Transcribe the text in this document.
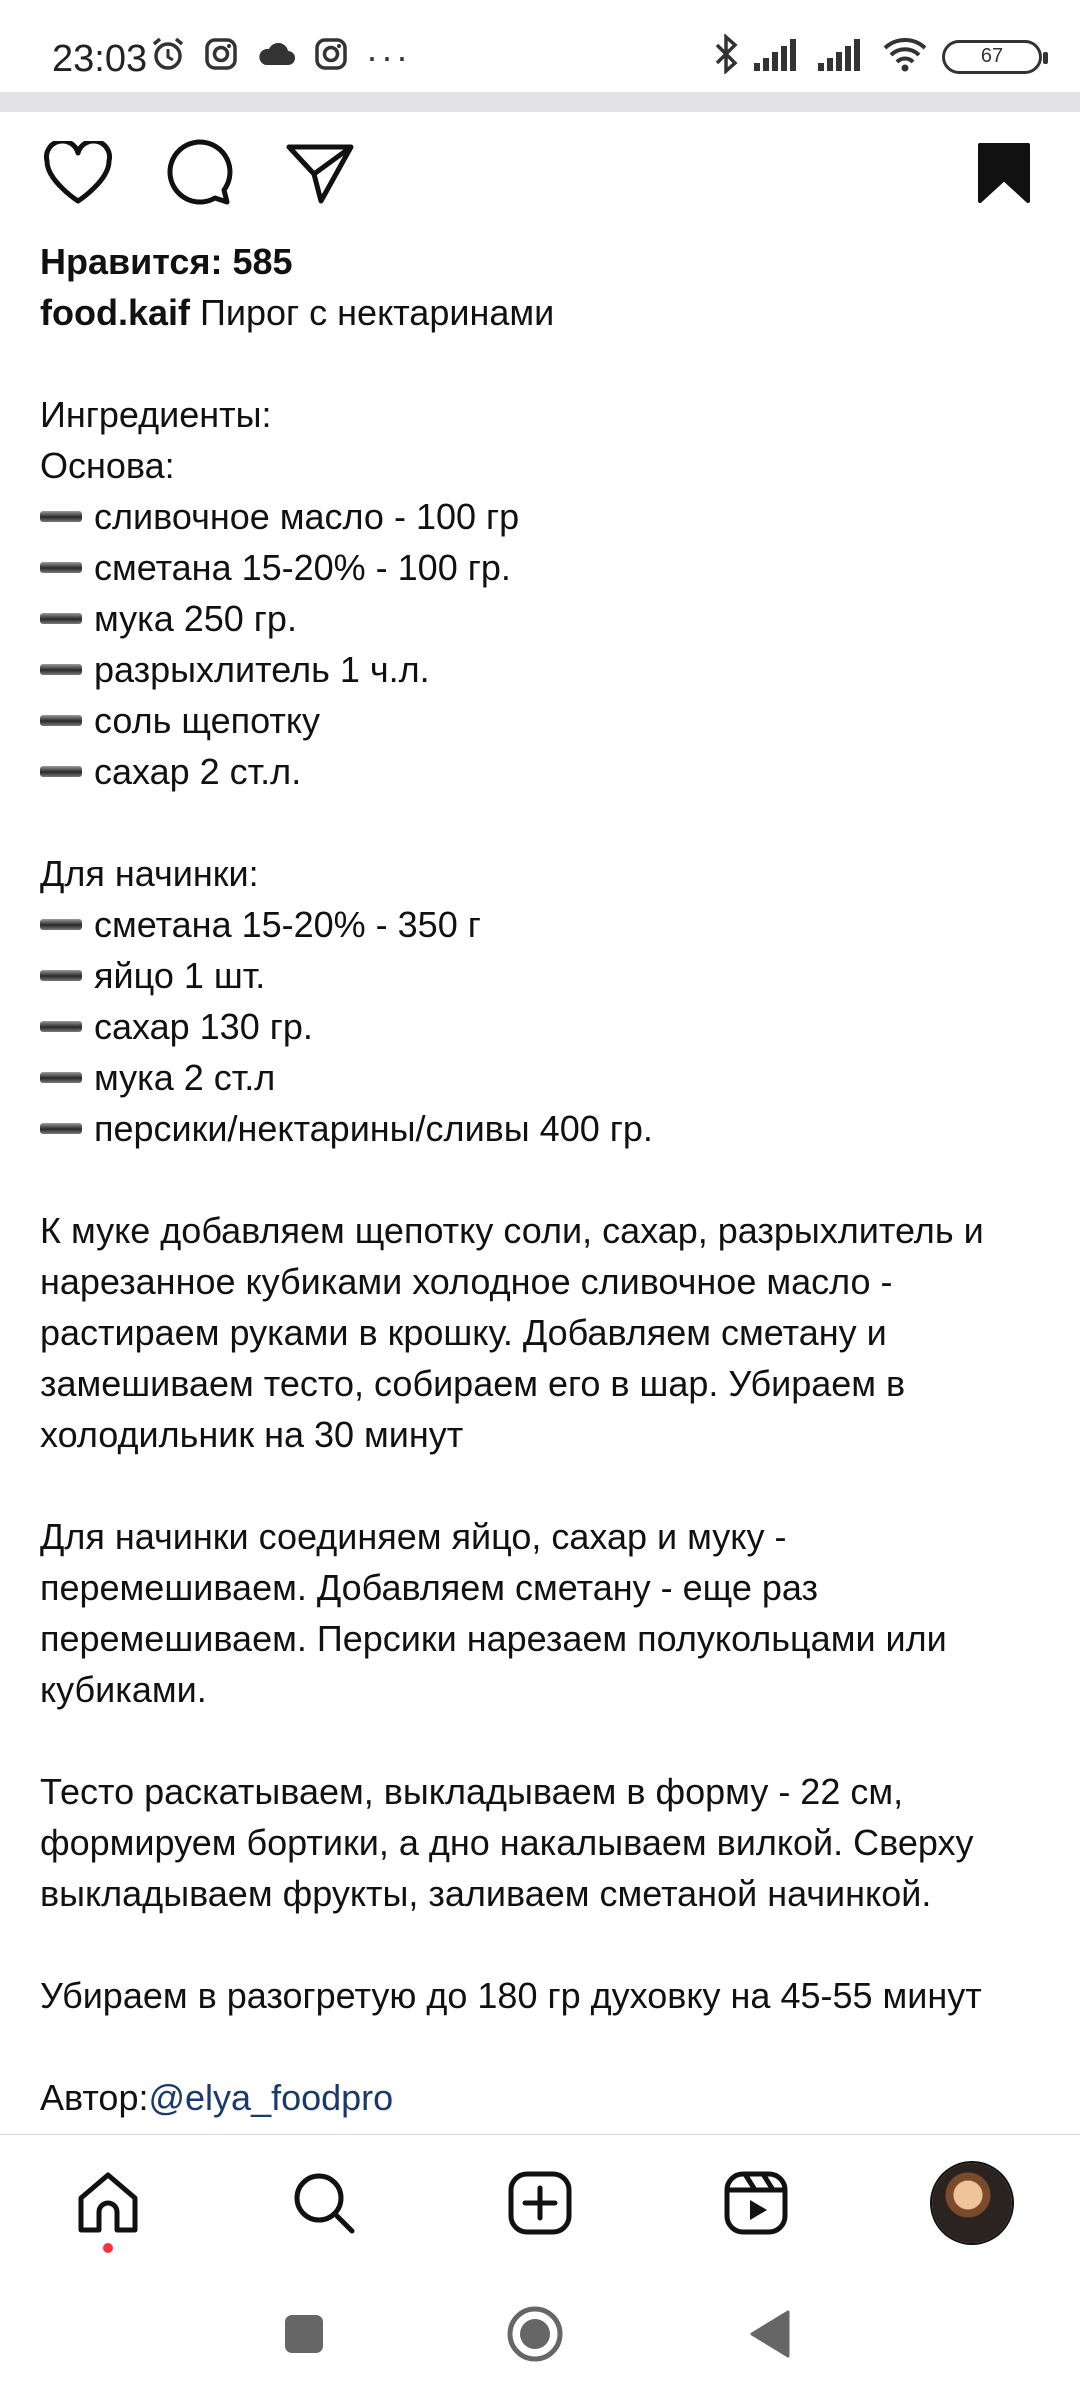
23:03	···	67
Нравится: 585
food.kaif Пирог с нектаринами
Ингредиенты:
Основа:
сливочное масло - 100 гр
сметана 15-20% - 100 гр.
мука 250 гр.
разрыхлитель 1 ч.л.
соль щепотку
сахар 2 ст.л.
Для начинки:
сметана 15-20% - 350 г
яйцо 1 шт.
сахар 130 гр.
мука 2 ст.л
персики/нектарины/сливы 400 гр.
К муке добавляем щепотку соли, сахар, разрыхлитель и нарезанное кубиками холодное сливочное масло - растираем руками в крошку. Добавляем сметану и замешиваем тесто, собираем его в шар. Убираем в холодильник на 30 минут
Для начинки соединяем яйцо, сахар и муку - перемешиваем. Добавляем сметану - еще раз перемешиваем. Персики нарезаем полукольцами или кубиками.
Тесто раскатываем, выкладываем в форму - 22 см, формируем бортики, а дно накалываем вилкой. Сверху выкладываем фрукты, заливаем сметаной начинкой.
Убираем в разогретую до 180 гр духовку на 45-55 минут
Автор:@elya_foodpro
